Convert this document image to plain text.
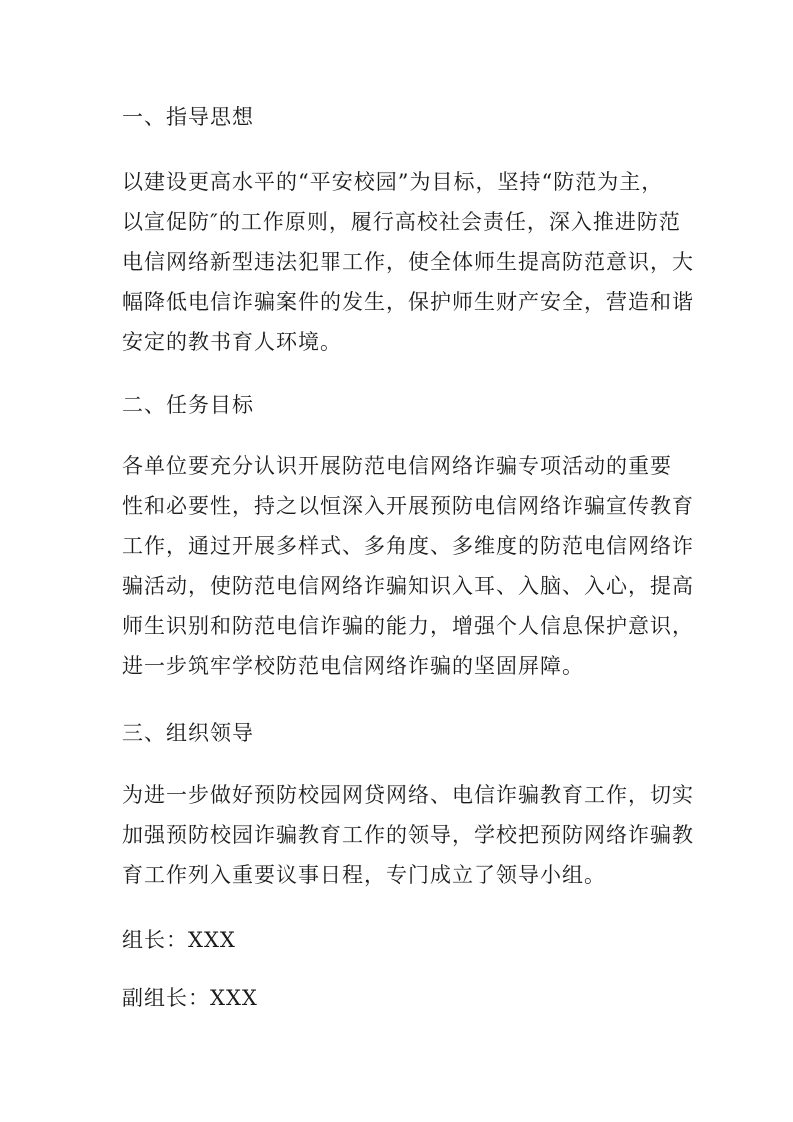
一、指导思想
以建设更高水平的“平安校园”为目标，坚持“防范为主，
以宣促防″的工作原则，履行高校社会责任，深入推进防范
电信网络新型违法犯罪工作，使全体师生提高防范意识，大
幅降低电信诈骗案件的发生，保护师生财产安全，营造和谐
安定的教书育人环境。
二、任务目标
各单位要充分认识开展防范电信网络诈骗专项活动的重要
性和必要性，持之以恒深入开展预防电信网络诈骗宣传教育
工作，通过开展多样式、多角度、多维度的防范电信网络诈
骗活动，使防范电信网络诈骗知识入耳、入脑、入心，提高
师生识别和防范电信诈骗的能力，增强个人信息保护意识，
进一步筑牢学校防范电信网络诈骗的坚固屏障。
三、组织领导
为进一步做好预防校园网贷网络、电信诈骗教育工作，切实
加强预防校园诈骗教育工作的领导，学校把预防网络诈骗教
育工作列入重要议事日程，专门成立了领导小组。
组长：XXX
副组长：XXX
